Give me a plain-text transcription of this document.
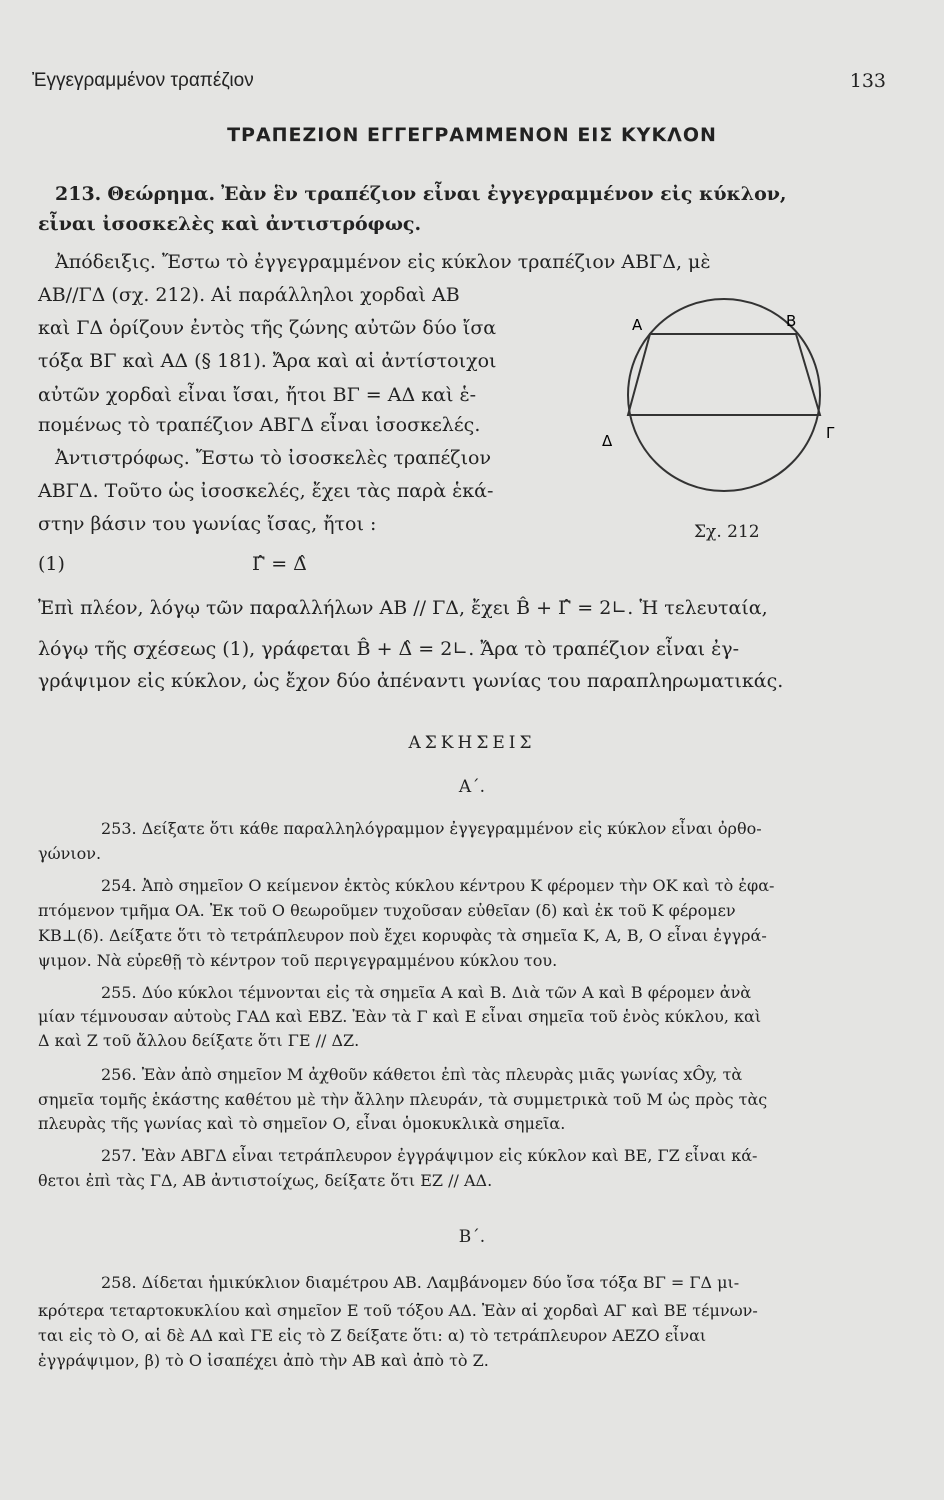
Ἐγγεγραμμένον τραπέζιον	133
ΤΡΑΠΕΖΙΟΝ ΕΓΓΕΓΡΑΜΜΕΝΟΝ ΕΙΣ ΚΥΚΛΟΝ
213. Θεώρημα. Ἐὰν ἓν τραπέζιον εἶναι ἐγγεγραμμένον εἰς κύκλον,
εἶναι ἰσοσκελὲς καὶ ἀντιστρόφως.
Ἀπόδειξις. Ἔστω τὸ ἐγγεγραμμένον εἰς κύκλον τραπέζιον ΑΒΓΔ, μὲ
ΑΒ//ΓΔ (σχ. 212). Αἱ παράλληλοι χορδαὶ ΑΒ
καὶ ΓΔ ὁρίζουν ἐντὸς τῆς ζώνης αὐτῶν δύο ἴσα
τόξα ΒΓ καὶ ΑΔ (§ 181). Ἄρα καὶ αἱ ἀντίστοιχοι
αὐτῶν χορδαὶ εἶναι ἴσαι, ἤτοι ΒΓ = ΑΔ καὶ ἑ-
πομένως τὸ τραπέζιον ΑΒΓΔ εἶναι ἰσοσκελές.
Ἀντιστρόφως. Ἔστω τὸ ἰσοσκελὲς τραπέζιον
ΑΒΓΔ. Τοῦτο ὡς ἰσοσκελές, ἔχει τὰς παρὰ ἑκά-
στην βάσιν του γωνίας ἴσας, ἤτοι :
(1)	Γ̂ = Δ̂
Α	Β
Γ
Δ
Σχ. 212
Ἐπὶ πλέον, λόγῳ τῶν παραλλήλων ΑΒ // ΓΔ, ἔχει B̂ + Γ̂ = 2∟. Ἡ τελευταία,
λόγῳ τῆς σχέσεως (1), γράφεται B̂ + Δ̂ = 2∟. Ἄρα τὸ τραπέζιον εἶναι ἐγ-
γράψιμον εἰς κύκλον, ὡς ἔχον δύο ἀπέναντι γωνίας του παραπληρωματικάς.
ΑΣΚΗΣΕΙΣ
Α΄.
253. Δείξατε ὅτι κάθε παραλληλόγραμμον ἐγγεγραμμένον εἰς κύκλον εἶναι ὀρθο-
γώνιον.
254. Ἀπὸ σημεῖον Ο κείμενον ἐκτὸς κύκλου κέντρου Κ φέρομεν τὴν ΟΚ καὶ τὸ ἐφα-
πτόμενον τμῆμα ΟΑ. Ἐκ τοῦ Ο θεωροῦμεν τυχοῦσαν εὐθεῖαν (δ) καὶ ἐκ τοῦ Κ φέρομεν
ΚΒ⊥(δ). Δείξατε ὅτι τὸ τετράπλευρον ποὺ ἔχει κορυφὰς τὰ σημεῖα Κ, Α, Β, Ο εἶναι ἐγγρά-
ψιμον. Νὰ εὑρεθῇ τὸ κέντρον τοῦ περιγεγραμμένου κύκλου του.
255. Δύο κύκλοι τέμνονται εἰς τὰ σημεῖα Α καὶ Β. Διὰ τῶν Α καὶ Β φέρομεν ἀνὰ
μίαν τέμνουσαν αὐτοὺς ΓΑΔ καὶ ΕΒΖ. Ἐὰν τὰ Γ καὶ Ε εἶναι σημεῖα τοῦ ἑνὸς κύκλου, καὶ
Δ καὶ Ζ τοῦ ἄλλου δείξατε ὅτι ΓΕ // ΔΖ.
256. Ἐὰν ἀπὸ σημεῖον Μ ἀχθοῦν κάθετοι ἐπὶ τὰς πλευρὰς μιᾶς γωνίας xÔy, τὰ
σημεῖα τομῆς ἑκάστης καθέτου μὲ τὴν ἄλλην πλευράν, τὰ συμμετρικὰ τοῦ Μ ὡς πρὸς τὰς
πλευρὰς τῆς γωνίας καὶ τὸ σημεῖον Ο, εἶναι ὁμοκυκλικὰ σημεῖα.
257. Ἐὰν ΑΒΓΔ εἶναι τετράπλευρον ἐγγράψιμον εἰς κύκλον καὶ ΒΕ, ΓΖ εἶναι κά-
θετοι ἐπὶ τὰς ΓΔ, ΑΒ ἀντιστοίχως, δείξατε ὅτι ΕΖ // ΑΔ.
Β΄.
258. Δίδεται ἡμικύκλιον διαμέτρου ΑΒ. Λαμβάνομεν δύο ἴσα τόξα ΒΓ = ΓΔ μι-
κρότερα τεταρτοκυκλίου καὶ σημεῖον Ε τοῦ τόξου ΑΔ. Ἐὰν αἱ χορδαὶ ΑΓ καὶ ΒΕ τέμνων-
ται εἰς τὸ Ο, αἱ δὲ ΑΔ καὶ ΓΕ εἰς τὸ Ζ δείξατε ὅτι: α) τὸ τετράπλευρον ΑΕΖΟ εἶναι
ἐγγράψιμον, β) τὸ Ο ἰσαπέχει ἀπὸ τὴν ΑΒ καὶ ἀπὸ τὸ Ζ.
